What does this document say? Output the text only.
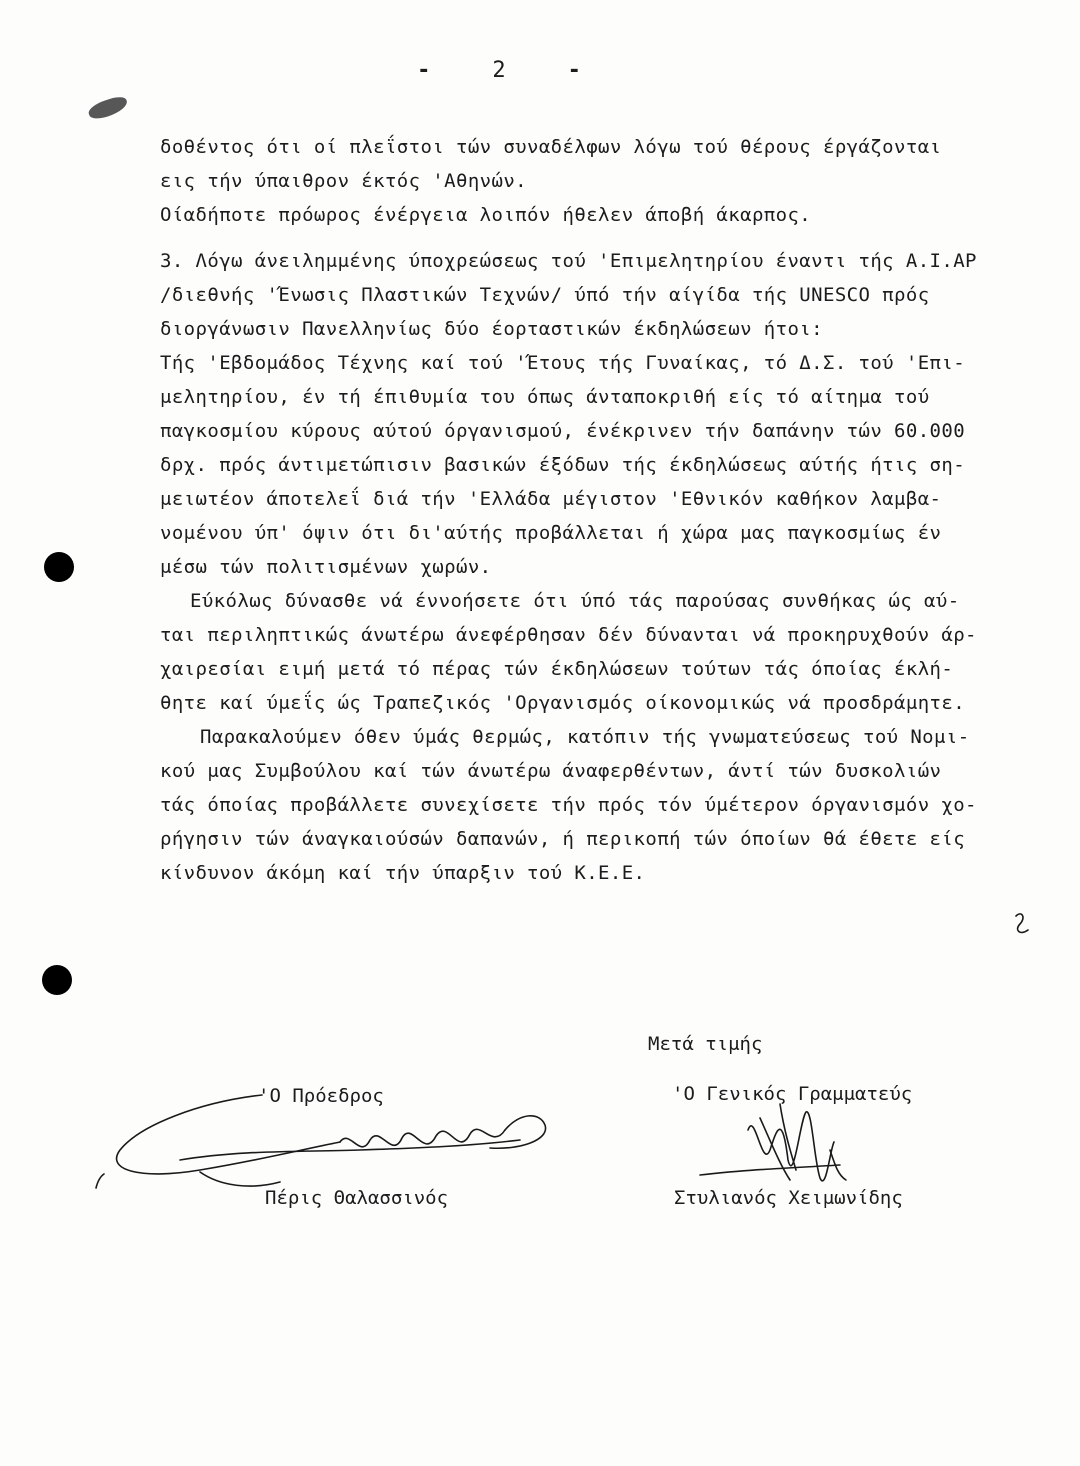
-	2	-
δοθέντος ότι οί πλεΐστοι τών συναδέλφων λόγω τού θέρους έργάζονται
εις τήν ύπαιθρον έκτός 'Αθηνών.
Οίαδήποτε πρόωρος ένέργεια λοιπόν ήθελεν άποβή άκαρπος.
3. Λόγω άνειλημμένης ύποχρεώσεως τού 'Επιμελητηρίου έναντι τής Α.Ι.ΑΡ
/διεθνής 'Ένωσις Πλαστικών Τεχνών/ ύπό τήν αίγίδα τής UNESCO πρός
διοργάνωσιν Πανελληνίως δύο έορταστικών έκδηλώσεων ήτοι:
Τής 'Εβδομάδος Τέχνης καί τού 'Έτους τής Γυναίκας, τό Δ.Σ. τού 'Επι-
μελητηρίου, έν τή έπιθυμία του όπως άνταποκριθή είς τό αίτημα τού
παγκοσμίου κύρους αύτού όργανισμού, ένέκρινεν τήν δαπάνην τών 60.000
δρχ. πρός άντιμετώπισιν βασικών έξόδων τής έκδηλώσεως αύτής ήτις ση-
μειωτέον άποτελεΐ διά τήν 'Ελλάδα μέγιστον 'Εθνικόν καθήκον λαμβα-
νομένου ύπ' όψιν ότι δι'αύτής προβάλλεται ή χώρα μας παγκοσμίως έν
μέσω τών πολιτισμένων χωρών.
Εύκόλως δύνασθε νά έννοήσετε ότι ύπό τάς παρούσας συνθήκας ώς αύ-
ται περιληπτικώς άνωτέρω άνεφέρθησαν δέν δύνανται νά προκηρυχθούν άρ-
χαιρεσίαι ειμή μετά τό πέρας τών έκδηλώσεων τούτων τάς όποίας έκλή-
θητε καί ύμεΐς ώς Τραπεζικός 'Οργανισμός οίκονομικώς νά προσδράμητε.
Παρακαλούμεν όθεν ύμάς θερμώς, κατόπιν τής γνωματεύσεως τού Νομι-
κού μας Συμβούλου καί τών άνωτέρω άναφερθέντων, άντί τών δυσκολιών
τάς όποίας προβάλλετε συνεχίσετε τήν πρός τόν ύμέτερον όργανισμόν χο-
ρήγησιν τών άναγκαιούσών δαπανών, ή περικοπή τών όποίων θά έθετε είς
κίνδυνον άκόμη καί τήν ύπαρξιν τού Κ.Ε.Ε.
Μετά τιμής
'Ο Πρόεδρος
Πέρις Θαλασσινός
'Ο Γενικός Γραμματεύς
Στυλιανός Χειμωνίδης
